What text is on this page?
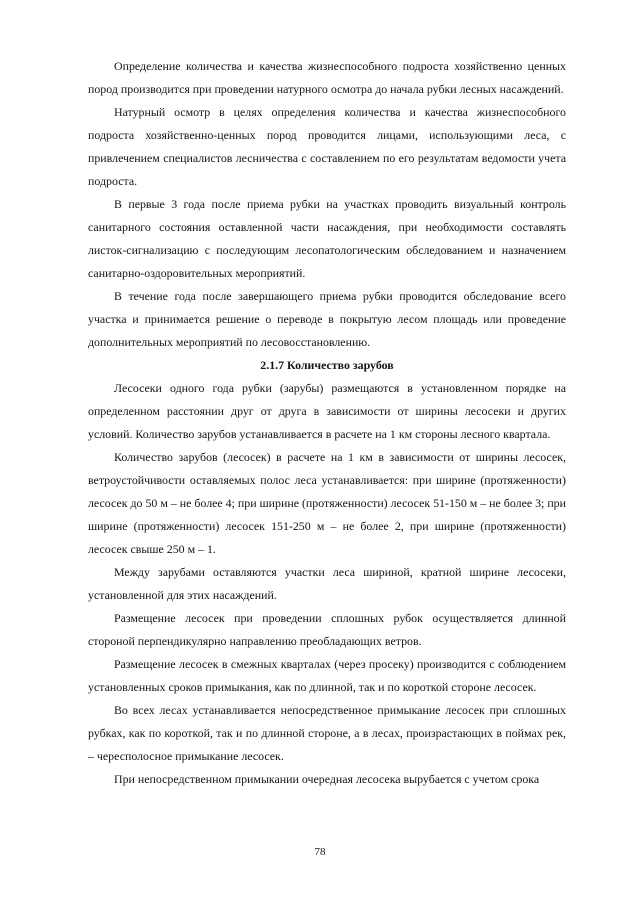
Определение количества и качества жизнеспособного подроста хозяйственно ценных пород производится при проведении натурного осмотра до начала рубки лесных насаждений.

Натурный осмотр в целях определения количества и качества жизнеспособного подроста хозяйственно-ценных пород проводится лицами, использующими леса, с привлечением специалистов лесничества с составлением по его результатам ведомости учета подроста.

В первые 3 года после приема рубки на участках проводить визуальный контроль санитарного состояния оставленной части насаждения, при необходимости составлять листок-сигнализацию с последующим лесопатологическим обследованием и назначением санитарно-оздоровительных мероприятий.

В течение года после завершающего приема рубки проводится обследование всего участка и принимается решение о переводе в покрытую лесом площадь или проведение дополнительных мероприятий по лесовосстановлению.

2.1.7 Количество зарубов

Лесосеки одного года рубки (зарубы) размещаются в установленном порядке на определенном расстоянии друг от друга в зависимости от ширины лесосеки и других условий. Количество зарубов устанавливается в расчете на 1 км стороны лесного квартала.

Количество зарубов (лесосек) в расчете на 1 км в зависимости от ширины лесосек, ветроустойчивости оставляемых полос леса устанавливается: при ширине (протяженности) лесосек до 50 м – не более 4; при ширине (протяженности) лесосек 51-150 м – не более 3; при ширине (протяженности) лесосек 151-250 м – не более 2, при ширине (протяженности) лесосек свыше 250 м – 1.

Между зарубами оставляются участки леса шириной, кратной ширине лесосеки, установленной для этих насаждений.

Размещение лесосек при проведении сплошных рубок осуществляется длинной стороной перпендикулярно направлению преобладающих ветров.

Размещение лесосек в смежных кварталах (через просеку) производится с соблюдением установленных сроков примыкания, как по длинной, так и по короткой стороне лесосек.

Во всех лесах устанавливается непосредственное примыкание лесосек при сплошных рубках, как по короткой, так и по длинной стороне, а в лесах, произрастающих в поймах рек, – чересполосное примыкание лесосек.

При непосредственном примыкании очередная лесосека вырубается с учетом срока

78
